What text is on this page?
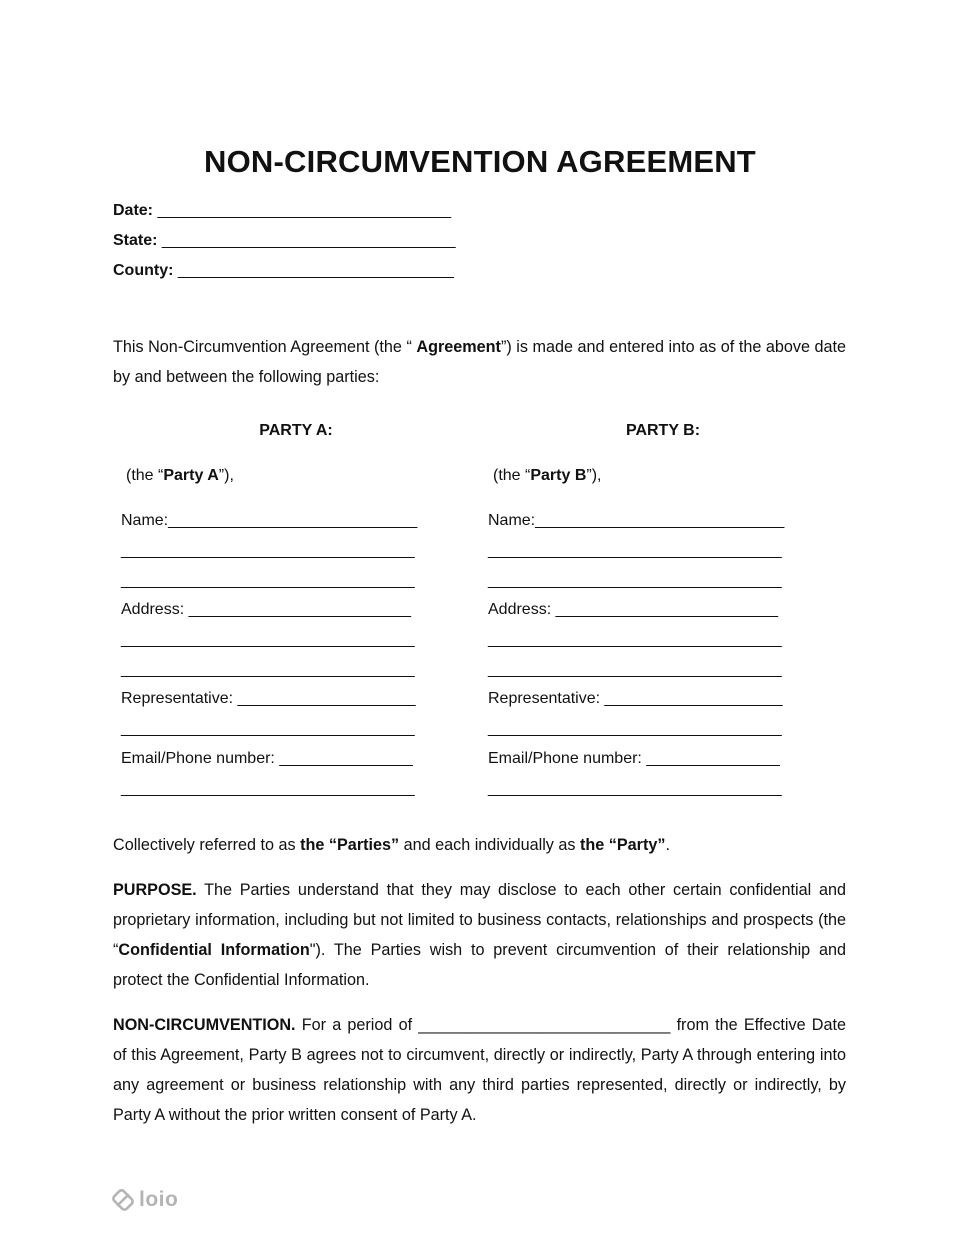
NON-CIRCUMVENTION AGREEMENT
Date: _________________________________
State: _________________________________
County: _______________________________
This Non-Circumvention Agreement (the “ Agreement”) is made and entered into as of the above date by and between the following parties:
PARTY A:
(the “Party A”),
Name:____________________________
_________________________________
_________________________________
Address: _________________________
_________________________________
_________________________________
Representative: ____________________
_________________________________
Email/Phone number: _______________
_________________________________
PARTY B:
(the “Party B”),
Name:____________________________
_________________________________
_________________________________
Address: _________________________
_________________________________
_________________________________
Representative: ____________________
_________________________________
Email/Phone number: _______________
_________________________________
Collectively referred to as the “Parties” and each individually as the “Party”.
PURPOSE. The Parties understand that they may disclose to each other certain confidential and proprietary information, including but not limited to business contacts, relationships and prospects (the “Confidential Information"). The Parties wish to prevent circumvention of their relationship and protect the Confidential Information.
NON-CIRCUMVENTION. For a period of ____________________________ from the Effective Date of this Agreement, Party B agrees not to circumvent, directly or indirectly, Party A through entering into any agreement or business relationship with any third parties represented, directly or indirectly, by Party A without the prior written consent of Party A.
loio
